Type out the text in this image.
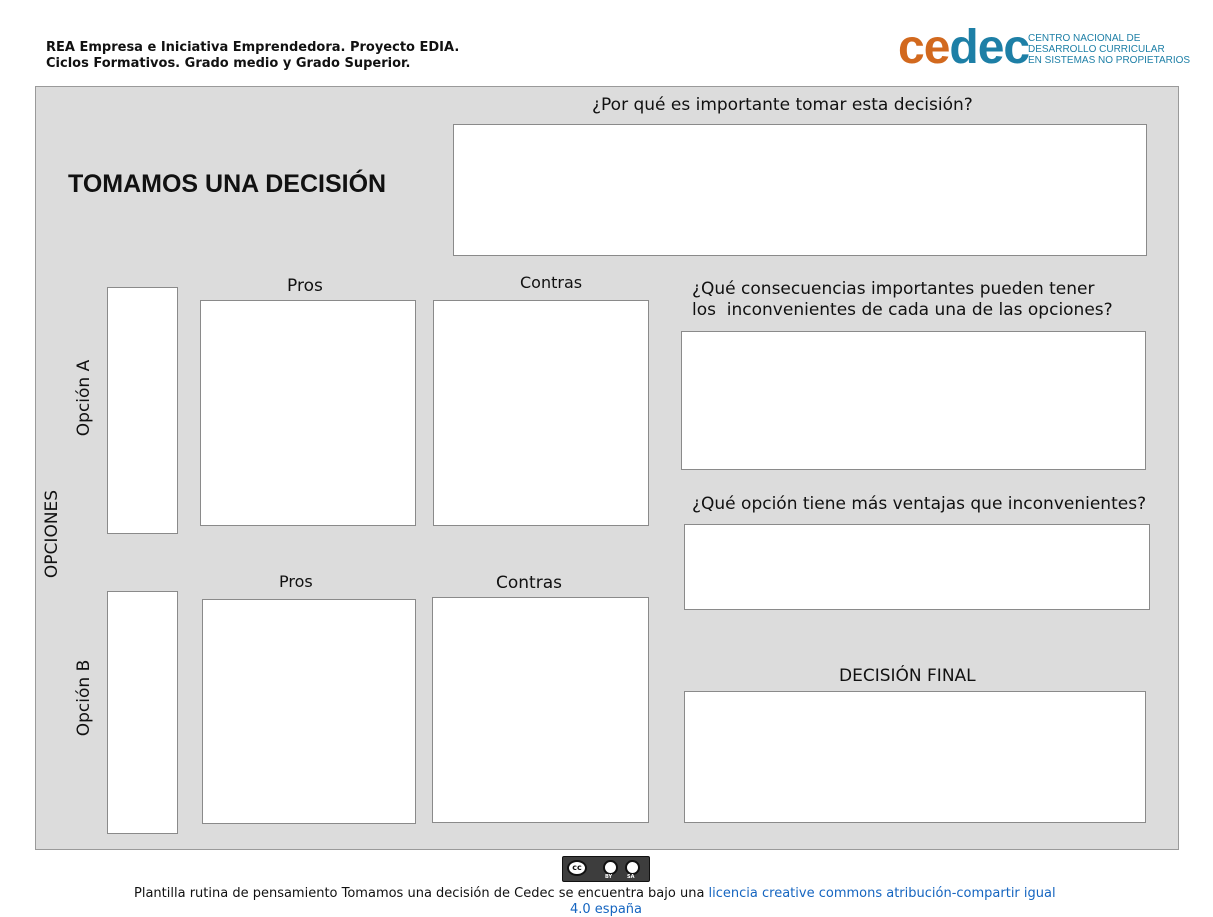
REA Empresa e Iniciativa Emprendedora. Proyecto EDIA.
Ciclos Formativos. Grado medio y Grado Superior.	cedec
CENTRO NACIONAL DE
DESARROLLO CURRICULAR
EN SISTEMAS NO PROPIETARIOS
¿Por qué es importante tomar esta decisión?
TOMAMOS UNA DECISIÓN
OPCIONES
Opción A
Opción B
Pros	Contras
Pros	Contras
¿Qué consecuencias importantes pueden tener
los  inconvenientes de cada una de las opciones?
¿Qué opción tiene más ventajas que inconvenientes?
DECISIÓN FINAL
cc
BY	SA
Plantilla rutina de pensamiento Tomamos una decisión de Cedec se encuentra bajo una licencia creative commons atribución-compartir igual
4.0 españa
